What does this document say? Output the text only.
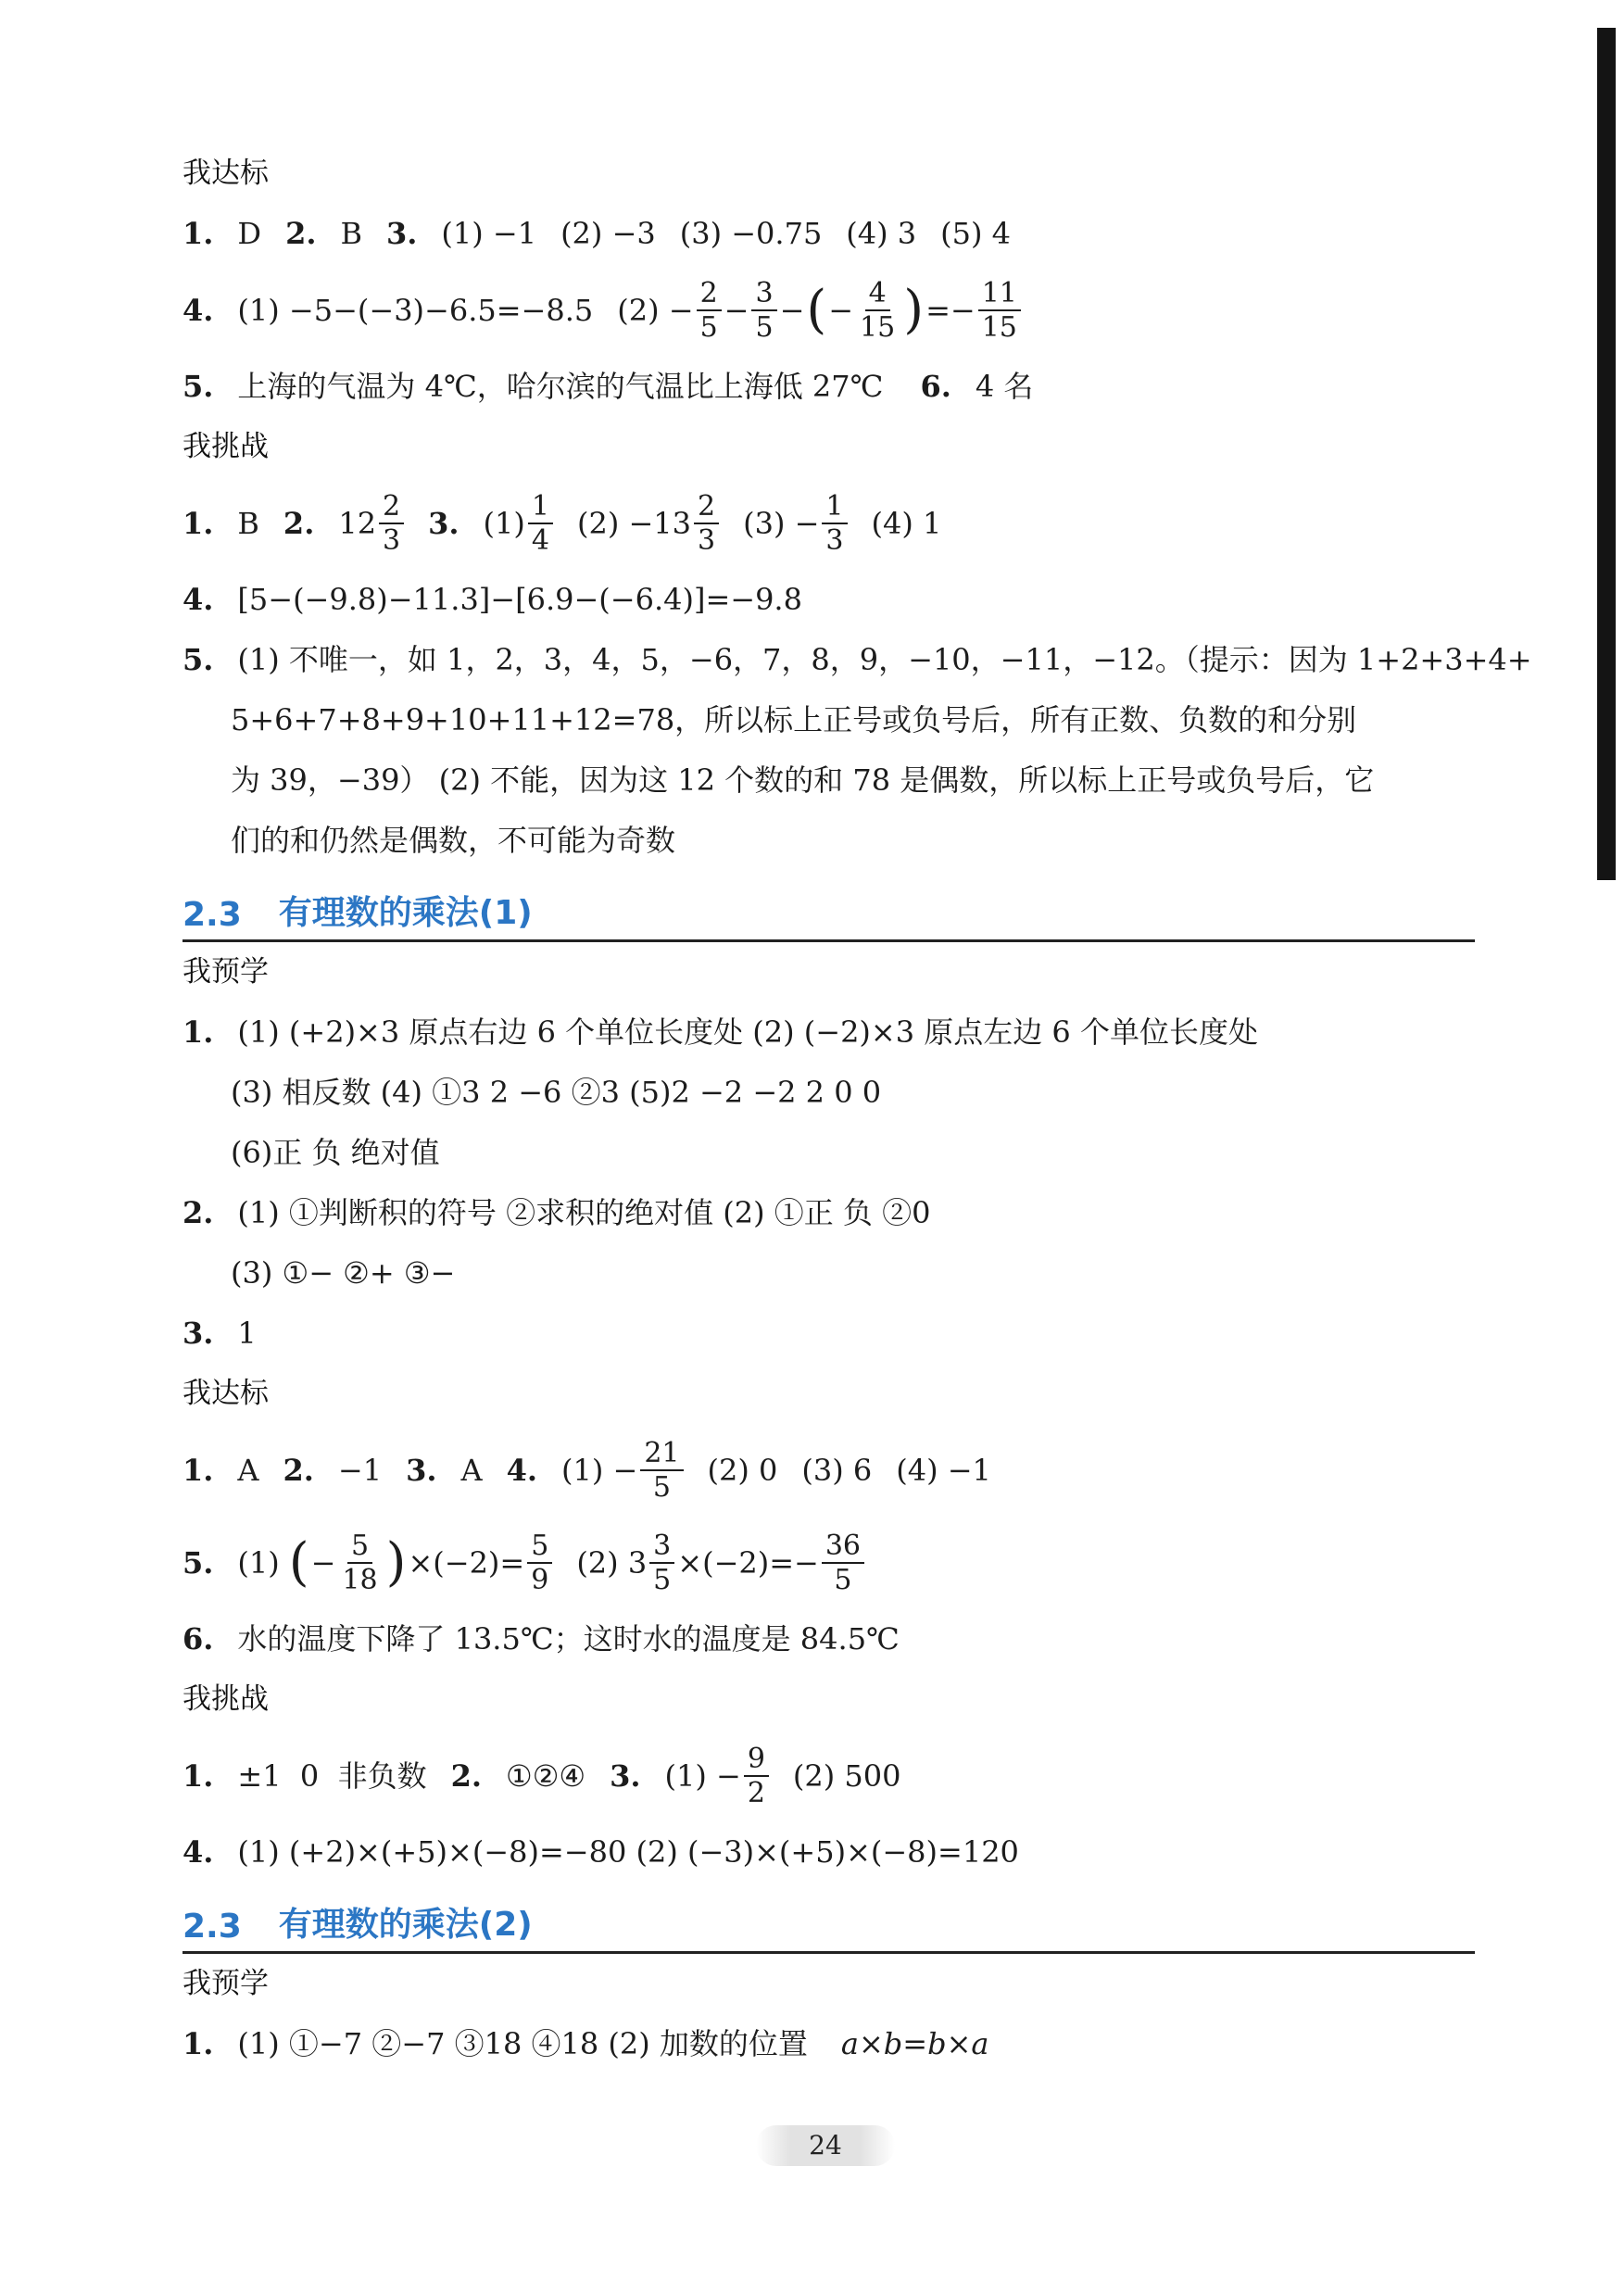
我达标
1. D 2. B 3. (1) −1 (2) −3 (3) −0.75 (4) 3 (5) 4
4. (1) −5−(−3)−6.5=−8.5 $(2) - \frac{2}{5} - \frac{3}{5}$ − ( − $\frac{4}{15}$ ) =− $\frac{11}{15}$
5. 上海的气温为 4℃，哈尔滨的气温比上海低 27℃ 6. 4 名
我挑战
1. B 2. $12 \frac{2}{3} 3$. $(1) \frac{1}{4} (2) -13 \frac{2}{3} (3) - \frac{1}{3} (4)$ 1
4. [5−(−9.8)−11.3]−[6.9−(−6.4)]=−9.8
5. (1) 不唯一，如 1，2，3，4，5，−6，7，8，9，−10，−11，−12。（提示：因为 1+2+3+4+
5+6+7+8+9+10+11+12=78，所以标上正号或负号后，所有正数、负数的和分别
为 39，−39） (2) 不能，因为这 12 个数的和 78 是偶数，所以标上正号或负号后，它
们的和仍然是偶数，不可能为奇数
2.3 有理数的乘法(1)
我预学
1. (1) (+2)×3 原点右边 6 个单位长度处 (2) (−2)×3 原点左边 6 个单位长度处
(3) 相反数 (4) ①3 2 −6 ②3 (5)2 −2 −2 2 0 0
(6)正 负 绝对值
2. (1) ①判断积的符号 ②求积的绝对值 (2) ①正 负 ②0
(3) ①− ②+ ③−
3. 1
我达标
1. A 2. −1 3. A 4. $(1) - \frac{21}{5} (2)$ 0 (3) 6 (4) −1
5. (1) ( − $\frac{5}{18}$ ) $\times(-2)= \frac{5}{9} (2)$ $3 \frac{3}{5} \times(-2)=- \frac{36}{5}$
6. 水的温度下降了 13.5℃；这时水的温度是 84.5℃
我挑战
1. ±1  0  非负数 2. ①②④ 3. $(1) - \frac{9}{2} (2)$ 500
4. (1) (+2)×(+5)×(−8)=−80 (2) (−3)×(+5)×(−8)=120
2.3 有理数的乘法(2)
我预学
1. (1) ①−7 ②−7 ③18 ④18 (2) 加数的位置 a×b=b×a
24
